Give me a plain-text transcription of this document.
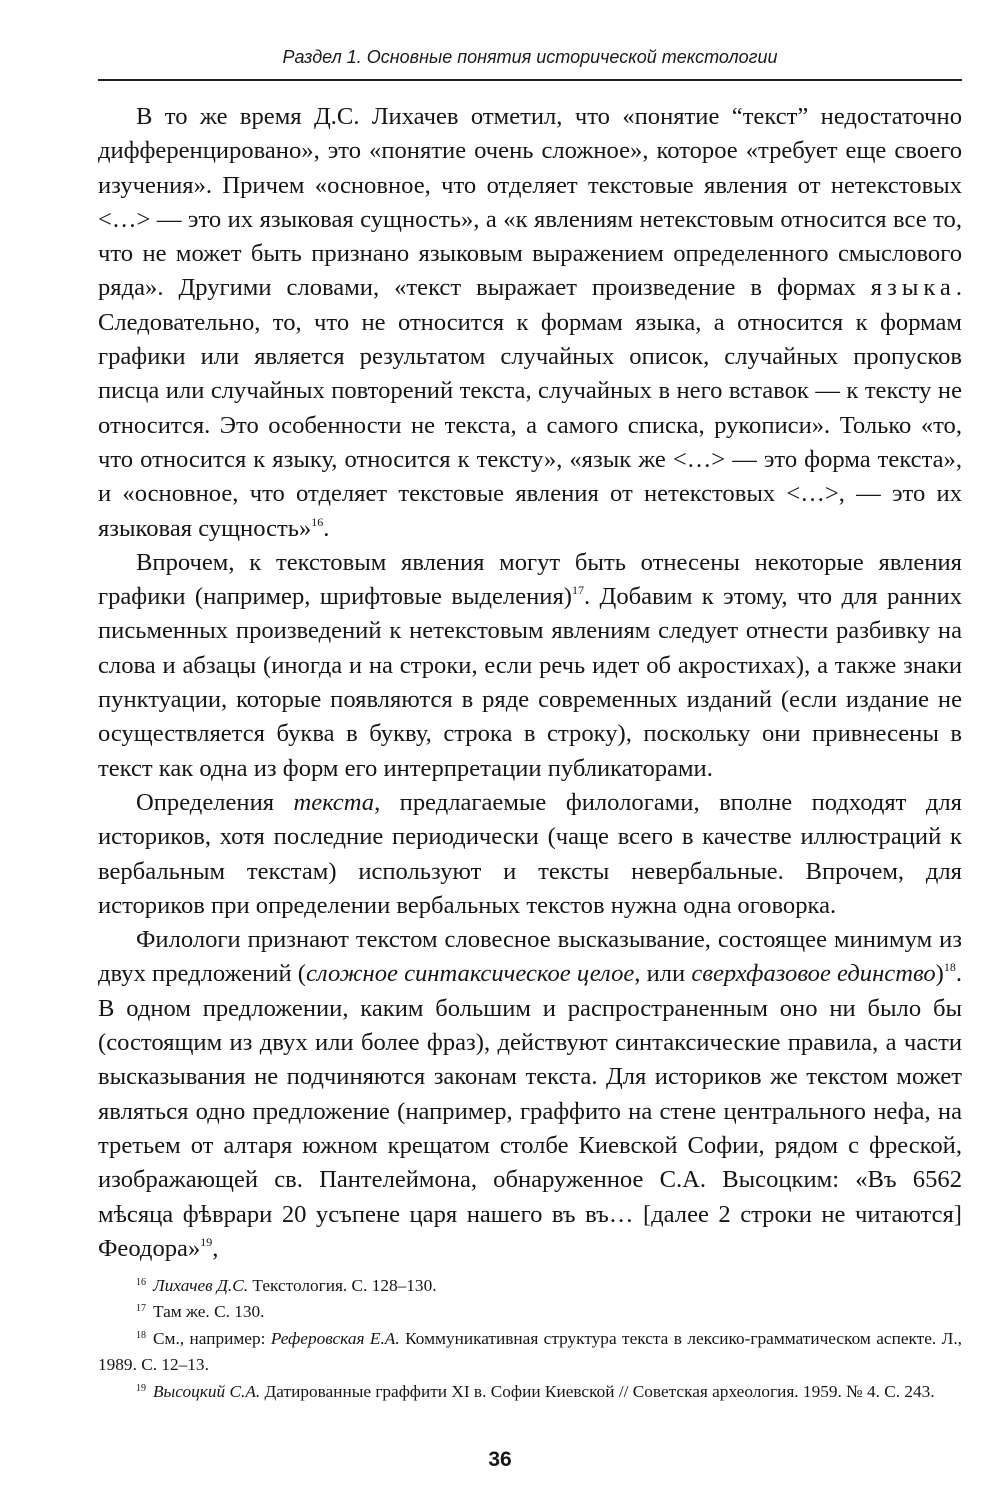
Раздел 1. Основные понятия исторической текстологии

В то же время Д.С. Лихачев отметил, что «понятие “текст” недостаточно дифференцировано», это «понятие очень сложное», которое «требует еще своего изучения». Причем «основное, что отделяет текстовые явления от нетекстовых <…> — это их языковая сущность», а «к явлениям нетекстовым относится все то, что не может быть признано языковым выражением определенного смыслового ряда». Другими словами, «текст выражает произведение в формах языка. Следовательно, то, что не относится к формам языка, а относится к формам графики или является результатом случайных описок, случайных пропусков писца или случайных повторений текста, случайных в него вставок — к тексту не относится. Это особенности не текста, а самого списка, рукописи». Только «то, что относится к языку, относится к тексту», «язык же <…> — это форма текста», и «основное, что отделяет текстовые явления от нетекстовых <…>, — это их языковая сущность»$^{16}$.

Впрочем, к текстовым явления могут быть отнесены некоторые явления графики (например, шрифтовые выделения)$^{17}$. Добавим к этому, что для ранних письменных произведений к нетекстовым явлениям следует отнести разбивку на слова и абзацы (иногда и на строки, если речь идет об акростихах), а также знаки пунктуации, которые появляются в ряде современных изданий (если издание не осуществляется буква в букву, строка в строку), поскольку они привнесены в текст как одна из форм его интерпретации публикаторами.

Определения текста, предлагаемые филологами, вполне подходят для историков, хотя последние периодически (чаще всего в качестве иллюстраций к вербальным текстам) используют и тексты невербальные. Впрочем, для историков при определении вербальных текстов нужна одна оговорка.

Филологи признают текстом словесное высказывание, состоящее минимум из двух предложений (сложное синтаксическое целое, или сверхфазовое единство)$^{18}$. В одном предложении, каким большим и распространенным оно ни было бы (состоящим из двух или более фраз), действуют синтаксические правила, а части высказывания не подчиняются законам текста. Для историков же текстом может являться одно предложение (например, граффито на стене центрального нефа, на третьем от алтаря южном крещатом столбе Киевской Софии, рядом с фреской, изображающей св. Пантелеймона, обнаруженное С.А. Высоцким: «Въ 6562 мѣсяца фѣврари 20 усъпене царя нашего въ въ… [далее 2 строки не читаются] Феодора»$^{19}$,

$^{16}$ Лихачев Д.С. Текстология. С. 128–130.

$^{17}$ Там же. С. 130.

$^{18}$ См., например: Реферовская Е.А. Коммуникативная структура текста в лексико-грамматическом аспекте. Л., 1989. С. 12–13.

$^{19}$ Высоцкий С.А. Датированные граффити XI в. Софии Киевской // Советская археология. 1959. № 4. С. 243.

36
